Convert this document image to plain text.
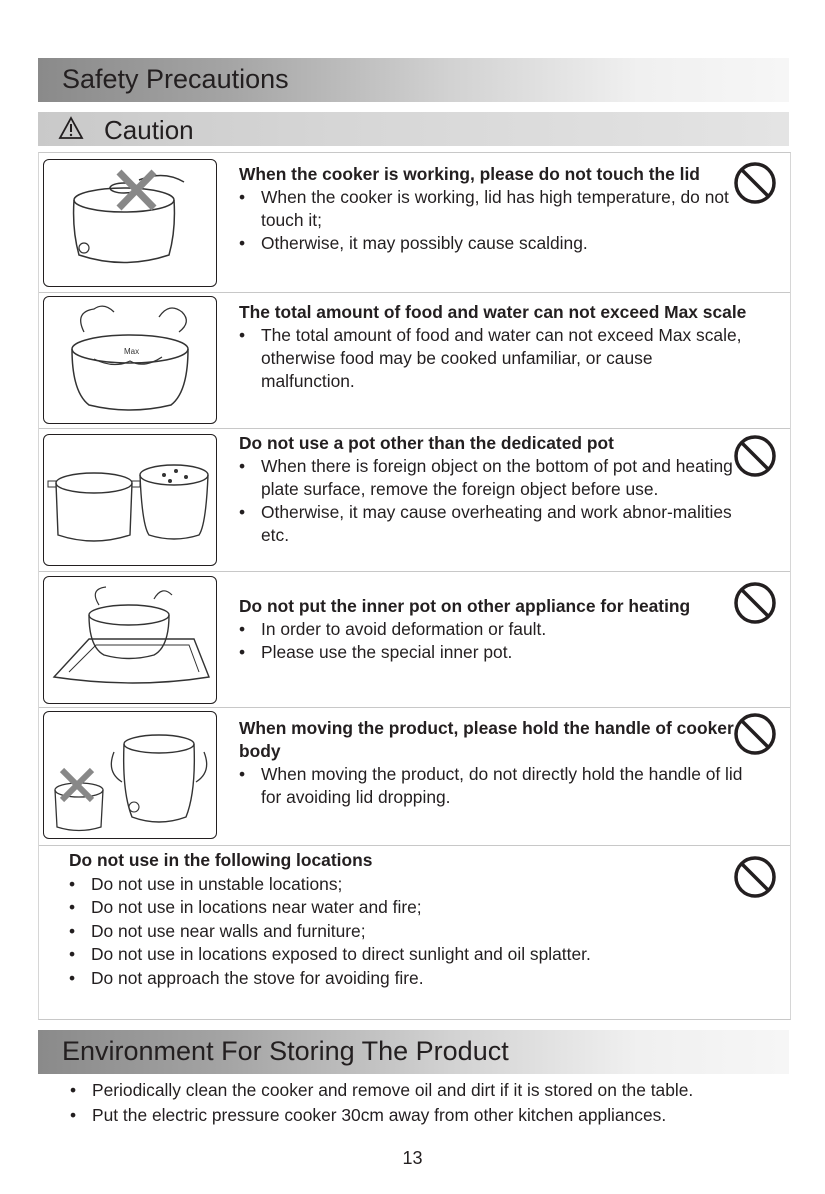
Safety Precautions
Caution
When the cooker is working, please do not touch the lid
• When the cooker is working, lid has high temperature, do not touch it;
• Otherwise, it may possibly cause scalding.
Max
The total amount of food and water can not exceed Max scale
• The total amount of food and water can not exceed Max scale, otherwise food may be cooked unfamiliar, or cause malfunction.
Do not use a pot other than the dedicated pot
• When there is foreign object on the bottom of pot and heating plate surface, remove the foreign object before use.
• Otherwise, it may cause overheating and work abnor-malities etc.
Do not put the inner pot on other appliance for heating
• In order to avoid deformation or fault.
• Please use the special inner pot.
When moving the product, please hold the handle of cooker body
• When moving the product, do not directly hold the handle of lid for avoiding lid dropping.
Do not use in the following locations
• Do not use in unstable locations;
• Do not use in locations near water and fire;
• Do not use near walls and furniture;
• Do not use in locations exposed to direct sunlight and oil splatter.
• Do not approach the stove for avoiding fire.
Environment For Storing The Product
• Periodically clean the cooker and remove oil and dirt if it is stored on the table.
• Put the electric pressure cooker 30cm away from other kitchen appliances.
13
